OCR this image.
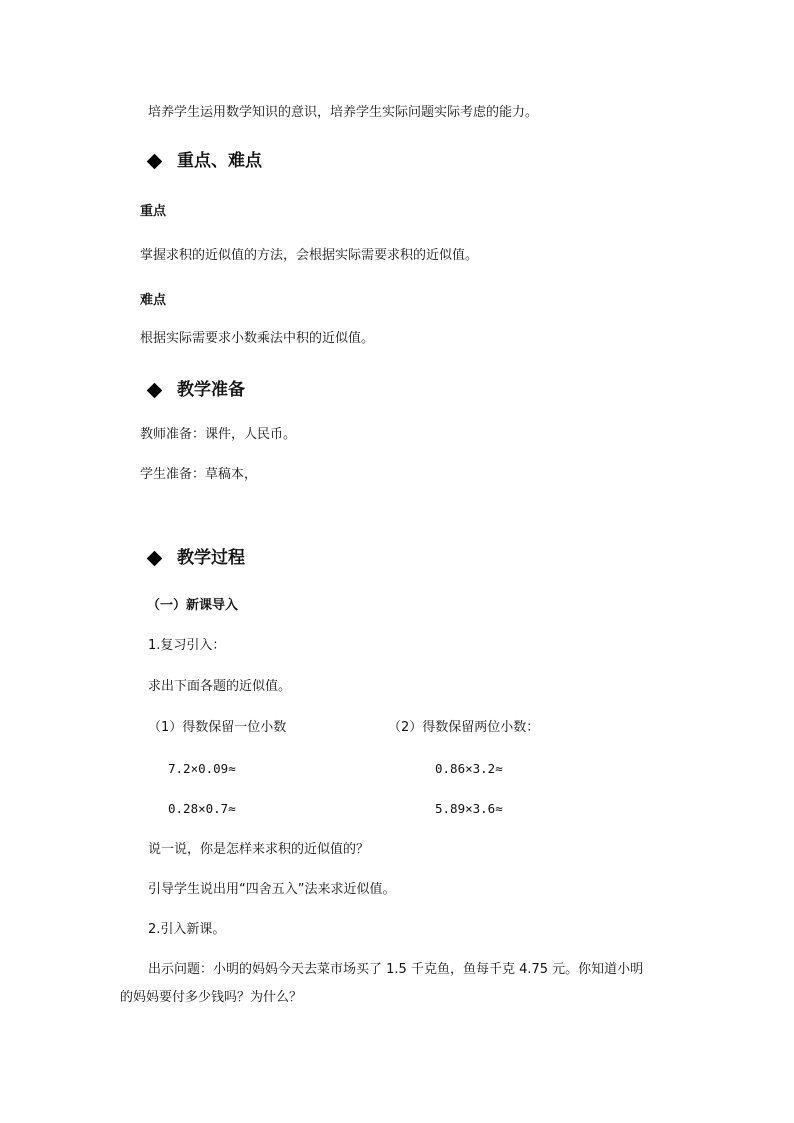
培养学生运用数学知识的意识，培养学生实际问题实际考虑的能力。
重点、难点
重点
掌握求积的近似值的方法，会根据实际需要求积的近似值。
难点
根据实际需要求小数乘法中积的近似值。
教学准备
教师准备：课件，人民币。
学生准备：草稿本，
教学过程
（一）新课导入
1.复习引入：
求出下面各题的近似值。
（1）得数保留一位小数	（2）得数保留两位小数：
7.2×0.09≈	0.86×3.2≈
0.28×0.7≈	5.89×3.6≈
说一说，你是怎样来求积的近似值的？
引导学生说出用“四舍五入”法来求近似值。
2.引入新课。
出示问题：小明的妈妈今天去菜市场买了 1.5 千克鱼，鱼每千克 4.75 元。你知道小明
的妈妈要付多少钱吗？为什么？
